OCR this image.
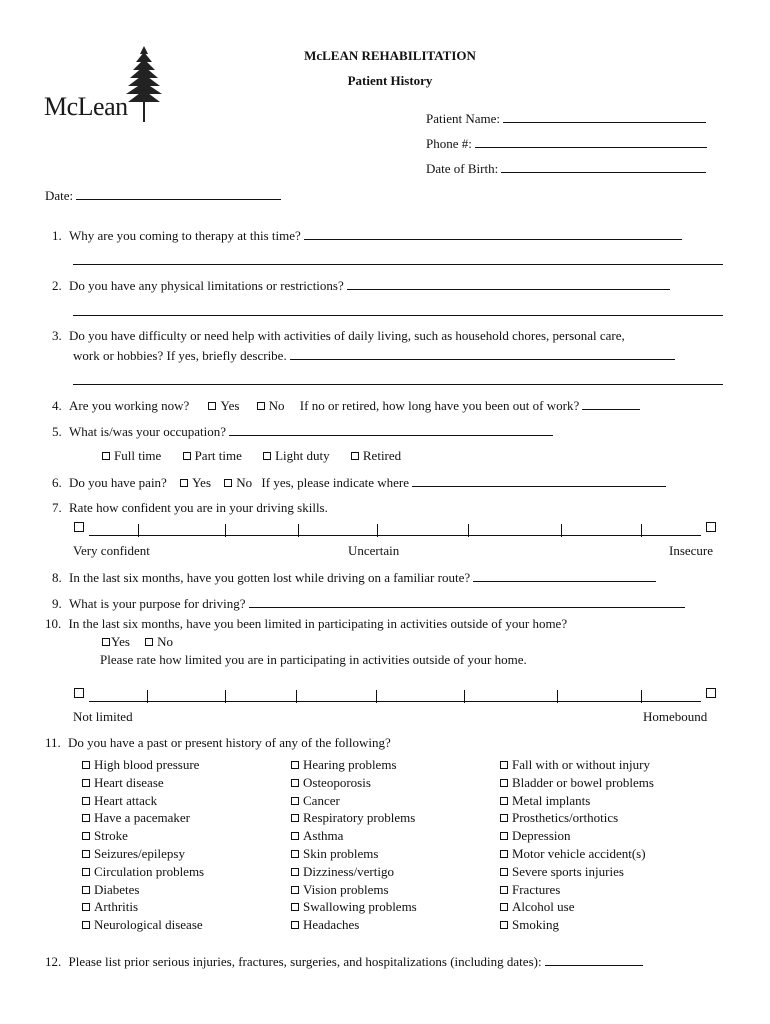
McLean
McLEAN REHABILITATION
Patient History
Patient Name:
Phone #:
Date of Birth:
Date:
1. Why are you coming to therapy at this time?
2. Do you have any physical limitations or restrictions?
3. Do you have difficulty or need help with activities of daily living, such as household chores, personal care,
work or hobbies? If yes, briefly describe.
4. Are you working now? Yes No If no or retired, how long have you been out of work?
5. What is/was your occupation?
Full time	Part time	Light duty	Retired
6. Do you have pain? Yes No If yes, please indicate where
7. Rate how confident you are in your driving skills.
Very confident	Uncertain	Insecure
8. In the last six months, have you gotten lost while driving on a familiar route?
9. What is your purpose for driving?
10. In the last six months, have you been limited in participating in activities outside of your home?
Yes No
Please rate how limited you are in participating in activities outside of your home.
Not limited	Homebound
11. Do you have a past or present history of any of the following?
High blood pressure
Heart disease
Heart attack
Have a pacemaker
Stroke
Seizures/epilepsy
Circulation problems
Diabetes
Arthritis
Neurological disease
Hearing problems
Osteoporosis
Cancer
Respiratory problems
Asthma
Skin problems
Dizziness/vertigo
Vision problems
Swallowing problems
Headaches
Fall with or without injury
Bladder or bowel problems
Metal implants
Prosthetics/orthotics
Depression
Motor vehicle accident(s)
Severe sports injuries
Fractures
Alcohol use
Smoking
12. Please list prior serious injuries, fractures, surgeries, and hospitalizations (including dates):
